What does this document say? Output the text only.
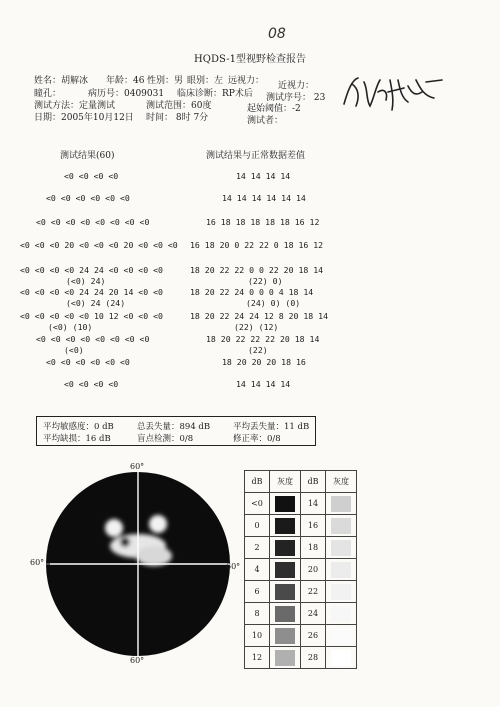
HQDS-1型视野检查报告
08
姓名：胡解冰 年龄：46 性别：男 眼别：左 远视力： 近视力：
瞳孔：	病历号：0409031 临床诊断：RP术后 测试序号： 23
测试方法：定量测试	测试范围：60度	起始阈值：-2
日期：2005年10月12日 时间： 8时 7分	测试者：
测试结果(60)	测试结果与正常数据差值
<0 <0 <0 <0
<0 <0 <0 <0 <0 <0
<0 <0 <0 <0 <0 <0 <0 <0
<0 <0 <0 20 <0 <0 <0 20 <0 <0 <0
<0 <0 <0 <0 24 24 <0 <0 <0 <0
(<0) 24)
<0 <0 <0 <0 24 24 20 14 <0 <0
(<0) 24 (24)
<0 <0 <0 <0 <0 10 12 <0 <0 <0
(<0) (10)
<0 <0 <0 <0 <0 <0 <0 <0
(<0)
<0 <0 <0 <0 <0 <0
<0 <0 <0 <0
14 14 14 14
14 14 14 14 14 14
16 18 18 18 18 18 16 12
16 18 20 0 22 22 0 18 16 12
18 20 22 22 0 0 22 20 18 14
(22) 0)
18 20 22 24 0 0 0 4 18 14
(24) 0) (0)
18 20 22 24 24 12 8 20 18 14
(22) (12)
18 20 22 22 22 20 18 14
(22)
18 20 20 20 18 16
14 14 14 14
平均敏感度：0 dB	总丢失量：894 dB	平均丢失量：11 dB
平均缺损：16 dB	盲点检测：0/8	修正率：0/8
60°
60°
60°	60°
dB	灰度	dB	灰度
<0		14	
0		16	
2		18	
4		20	
6		22	
8		24	
10		26	
12		28	
